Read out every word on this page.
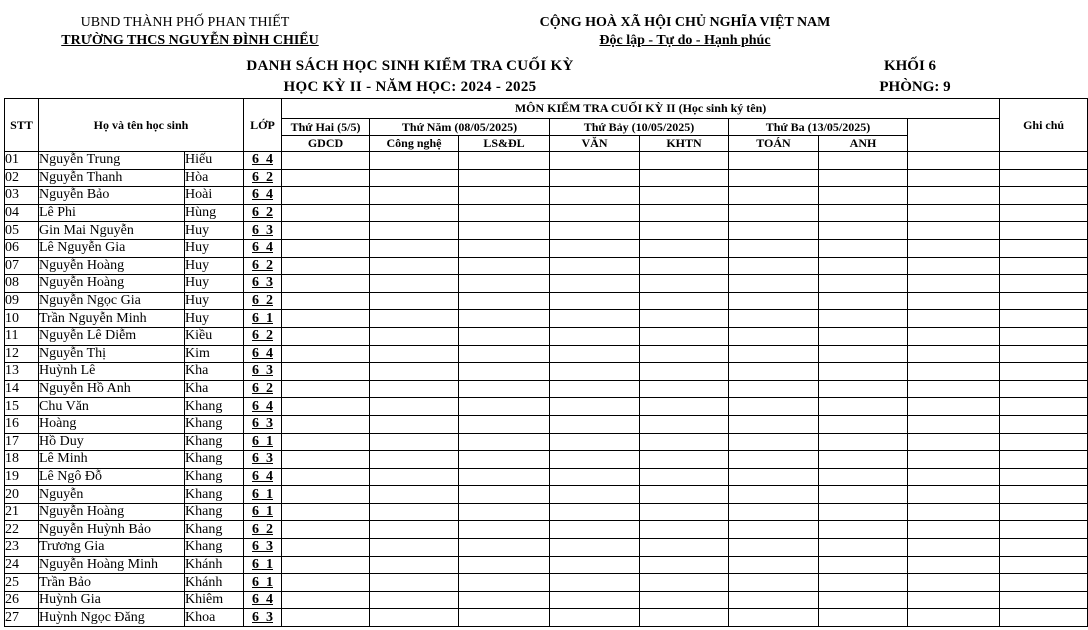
UBND THÀNH PHỐ PHAN THIẾT
TRƯỜNG THCS NGUYỄN ĐÌNH CHIỂU
CỘNG HOÀ XÃ HỘI CHỦ NGHĨA VIỆT NAM
Độc lập - Tự do - Hạnh phúc
DANH SÁCH HỌC SINH KIỂM TRA CUỐI KỲ
HỌC KỲ II - NĂM HỌC: 2024 - 2025
KHỐI 6
PHÒNG: 9
STT	Họ và tên học sinh		LỚP	MÔN KIỂM TRA CUỐI KỲ II (Học sinh ký tên)								Ghi chú
				Thứ Hai (5/5)	Thứ Năm (08/05/2025)		Thứ Bảy (10/05/2025)		Thứ Ba (13/05/2025)			
				GDCD	Công nghệ	LS&ĐL	VĂN	KHTN	TOÁN	ANH		
01	Nguyễn Trung	Hiếu	6_4									
02	Nguyễn Thanh	Hòa	6_2									
03	Nguyễn Bảo	Hoài	6_4									
04	Lê Phi	Hùng	6_2									
05	Gin Mai Nguyễn	Huy	6_3									
06	Lê Nguyễn Gia	Huy	6_4									
07	Nguyễn Hoàng	Huy	6_2									
08	Nguyễn Hoàng	Huy	6_3									
09	Nguyễn Ngọc Gia	Huy	6_2									
10	Trần Nguyễn Minh	Huy	6_1									
11	Nguyễn Lê Diễm	Kiều	6_2									
12	Nguyễn Thị	Kim	6_4									
13	Huỳnh Lê	Kha	6_3									
14	Nguyễn Hồ Anh	Kha	6_2									
15	Chu Văn	Khang	6_4									
16	Hoàng	Khang	6_3									
17	Hồ Duy	Khang	6_1									
18	Lê Minh	Khang	6_3									
19	Lê Ngô Đỗ	Khang	6_4									
20	Nguyễn	Khang	6_1									
21	Nguyễn Hoàng	Khang	6_1									
22	Nguyễn Huỳnh Bảo	Khang	6_2									
23	Trương Gia	Khang	6_3									
24	Nguyễn Hoàng Minh	Khánh	6_1									
25	Trần Bảo	Khánh	6_1									
26	Huỳnh Gia	Khiêm	6_4									
27	Huỳnh Ngọc Đăng	Khoa	6_3									
